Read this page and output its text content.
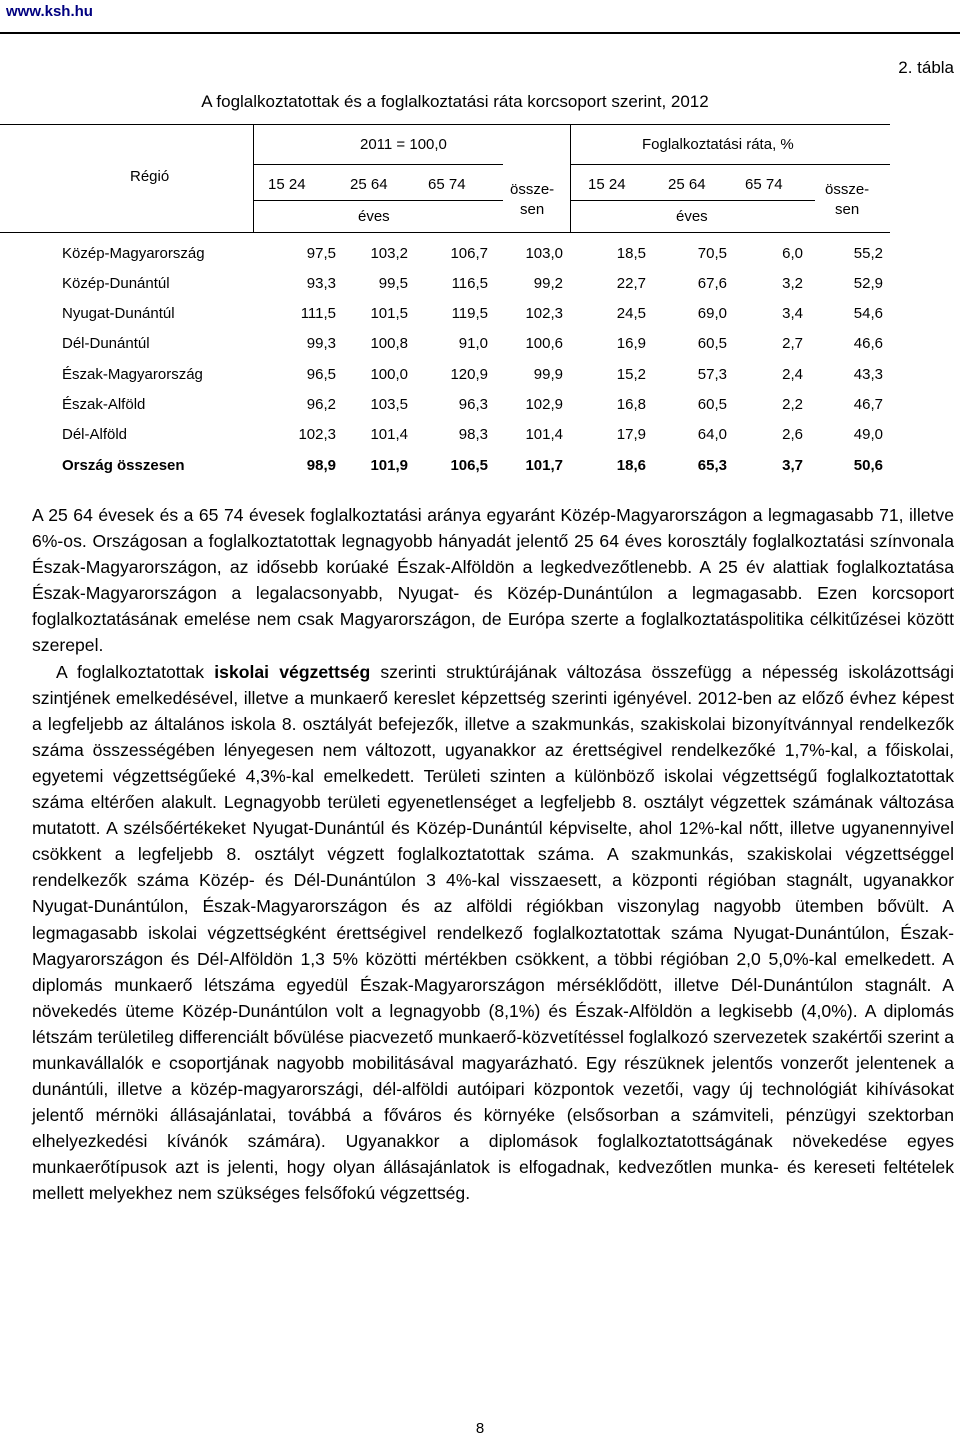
www.ksh.hu
2. tábla
A foglalkoztatottak és a foglalkoztatási ráta korcsoport szerint, 2012
Régió
2011 = 100,0
15 24	25 64	65 74
éves
össze-
sen
Foglalkoztatási ráta, %
15 24	25 64	65 74
éves
össze-
sen
Közép-Magyarország	97,5	103,2	106,7	103,0	18,5	70,5	6,0	55,2
Közép-Dunántúl	93,3	99,5	116,5	99,2	22,7	67,6	3,2	52,9
Nyugat-Dunántúl	111,5	101,5	119,5	102,3	24,5	69,0	3,4	54,6
Dél-Dunántúl	99,3	100,8	91,0	100,6	16,9	60,5	2,7	46,6
Észak-Magyarország	96,5	100,0	120,9	99,9	15,2	57,3	2,4	43,3
Észak-Alföld	96,2	103,5	96,3	102,9	16,8	60,5	2,2	46,7
Dél-Alföld	102,3	101,4	98,3	101,4	17,9	64,0	2,6	49,0
Ország összesen	98,9	101,9	106,5	101,7	18,6	65,3	3,7	50,6

A 25 64 évesek és a 65 74 évesek foglalkoztatási aránya egyaránt Közép-Magyarországon a legmagasabb 71, illetve 6%-os. Országosan a foglalkoztatottak legnagyobb hányadát jelentő 25 64 éves korosztály foglalkoztatási színvonala Észak-Magyarországon, az idősebb korúaké Észak-Alföldön a legkedvezőtlenebb. A 25 év alattiak foglalkoztatása Észak-Magyarországon a legalacsonyabb, Nyugat- és Közép-Dunántúlon a legmagasabb. Ezen korcsoport foglalkoztatásának emelése nem csak Magyarországon, de Európa szerte a foglalkoztatáspolitika célkitűzései között szerepel.

A foglalkoztatottak iskolai végzettség szerinti struktúrájának változása összefügg a népesség iskolázottsági szintjének emelkedésével, illetve a munkaerő kereslet képzettség szerinti igényével. 2012-ben az előző évhez képest a legfeljebb az általános iskola 8. osztályát befejezők, illetve a szakmunkás, szakiskolai bizonyítvánnyal rendelkezők száma összességében lényegesen nem változott, ugyanakkor az érettségivel rendelkezőké 1,7%-kal, a főiskolai, egyetemi végzettségűeké 4,3%-kal emelkedett. Területi szinten a különböző iskolai végzettségű foglalkoztatottak száma eltérően alakult. Legnagyobb területi egyenetlenséget a legfeljebb 8. osztályt végzettek számának változása mutatott. A szélsőértékeket Nyugat-Dunántúl és Közép-Dunántúl képviselte, ahol 12%-kal nőtt, illetve ugyanennyivel csökkent a legfeljebb 8. osztályt végzett foglalkoztatottak száma. A szakmunkás, szakiskolai végzettséggel rendelkezők száma Közép- és Dél-Dunántúlon 3 4%-kal visszaesett, a központi régióban stagnált, ugyanakkor Nyugat-Dunántúlon, Észak-Magyarországon és az alföldi régiókban viszonylag nagyobb ütemben bővült. A legmagasabb iskolai végzettségként érettségivel rendelkező foglalkoztatottak száma Nyugat-Dunántúlon, Észak-Magyarországon és Dél-Alföldön 1,3 5% közötti mértékben csökkent, a többi régióban 2,0 5,0%-kal emelkedett. A diplomás munkaerő létszáma egyedül Észak-Magyarországon mérséklődött, illetve Dél-Dunántúlon stagnált. A növekedés üteme Közép-Dunántúlon volt a legnagyobb (8,1%) és Észak-Alföldön a legkisebb (4,0%). A diplomás létszám területileg differenciált bővülése piacvezető munkaerő-közvetítéssel foglalkozó szervezetek szakértői szerint a munkavállalók e csoportjának nagyobb mobilitásával magyarázható. Egy részüknek jelentős vonzerőt jelentenek a dunántúli, illetve a közép-magyarországi, dél-alföldi autóipari központok vezetői, vagy új technológiát kihívásokat jelentő mérnöki állásajánlatai, továbbá a főváros és környéke (elsősorban a számviteli, pénzügyi szektorban elhelyezkedési kívánók számára). Ugyanakkor a diplomások foglalkoztatottságának növekedése egyes munkaerőtípusok azt is jelenti, hogy olyan állásajánlatok is elfogadnak, kedvezőtlen munka- és kereseti feltételek mellett melyekhez nem szükséges felsőfokú végzettség.

8
